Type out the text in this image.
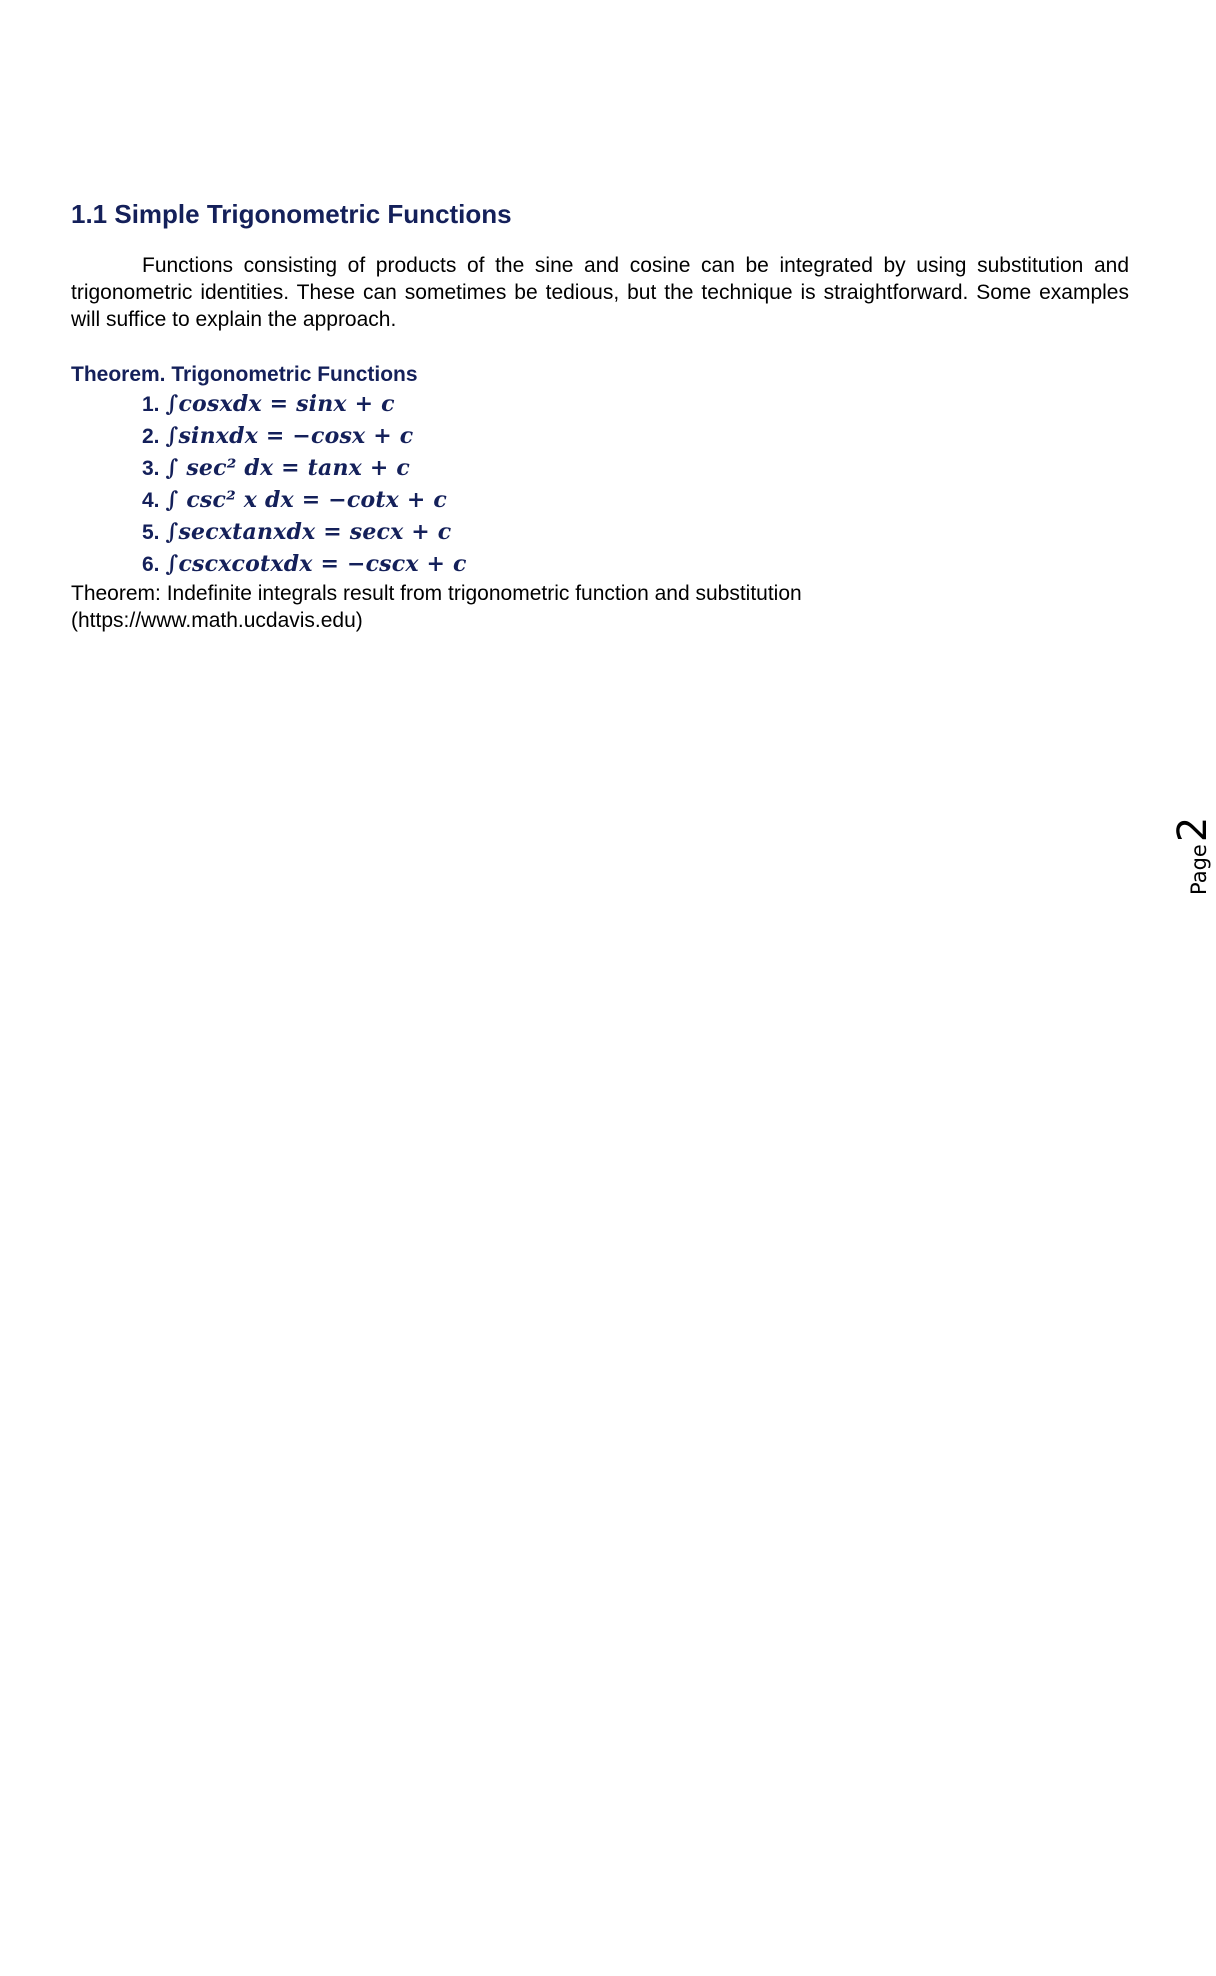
1.1 Simple Trigonometric Functions

Functions consisting of products of the sine and cosine can be integrated by using substitution and trigonometric identities. These can sometimes be tedious, but the technique is straightforward. Some examples will suffice to explain the approach.

Theorem. Trigonometric Functions
1. ∫cosxdx = sinx + c
2. ∫sinxdx = −cosx + c
3. ∫ sec² dx = tanx + c
4. ∫ csc² x dx = −cotx + c
5. ∫secxtanxdx = secx + c
6. ∫cscxcotxdx = −cscx + c
Theorem: Indefinite integrals result from trigonometric function and substitution
(https://www.math.ucdavis.edu)
Page
2
